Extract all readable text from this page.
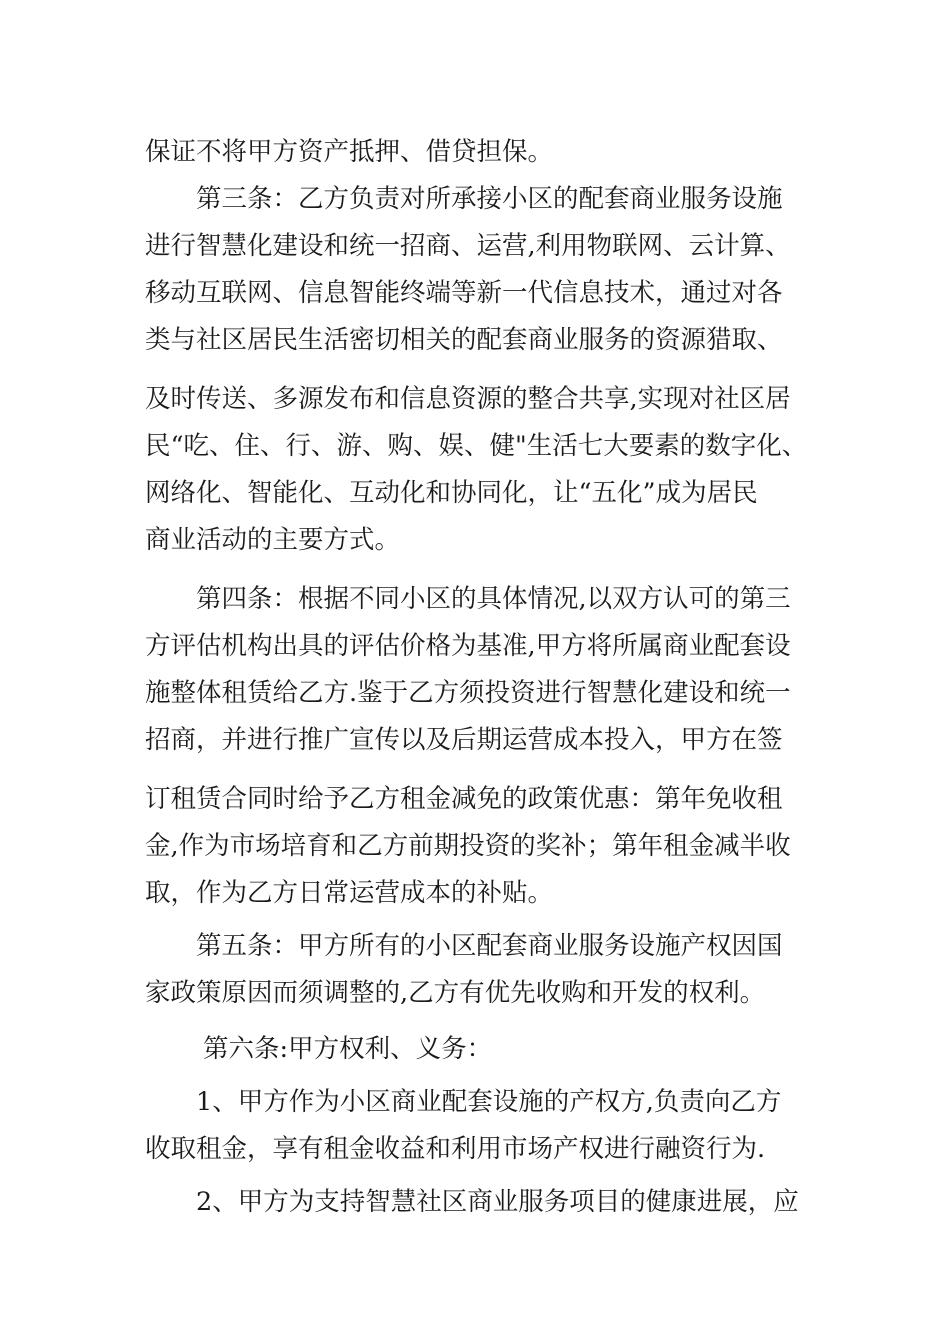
保证不将甲方资产抵押、借贷担保。

第三条：乙方负责对所承接小区的配套商业服务设施

进行智慧化建设和统一招商、运营,利用物联网、云计算、

移动互联网、信息智能终端等新一代信息技术，通过对各

类与社区居民生活密切相关的配套商业服务的资源猎取、

及时传送、多源发布和信息资源的整合共享,实现对社区居

民“吃、住、行、游、购、娱、健"生活七大要素的数字化、

网络化、智能化、互动化和协同化，让“五化”成为居民

商业活动的主要方式。

第四条：根据不同小区的具体情况,以双方认可的第三

方评估机构出具的评估价格为基准,甲方将所属商业配套设

施整体租赁给乙方.鉴于乙方须投资进行智慧化建设和统一

招商，并进行推广宣传以及后期运营成本投入，甲方在签

订租赁合同时给予乙方租金减免的政策优惠：第年免收租

金,作为市场培育和乙方前期投资的奖补；第年租金减半收

取，作为乙方日常运营成本的补贴。

第五条：甲方所有的小区配套商业服务设施产权因国

家政策原因而须调整的,乙方有优先收购和开发的权利。

第六条:甲方权利、义务：

1、甲方作为小区商业配套设施的产权方,负责向乙方

收取租金，享有租金收益和利用市场产权进行融资行为.

2、甲方为支持智慧社区商业服务项目的健康进展，应
